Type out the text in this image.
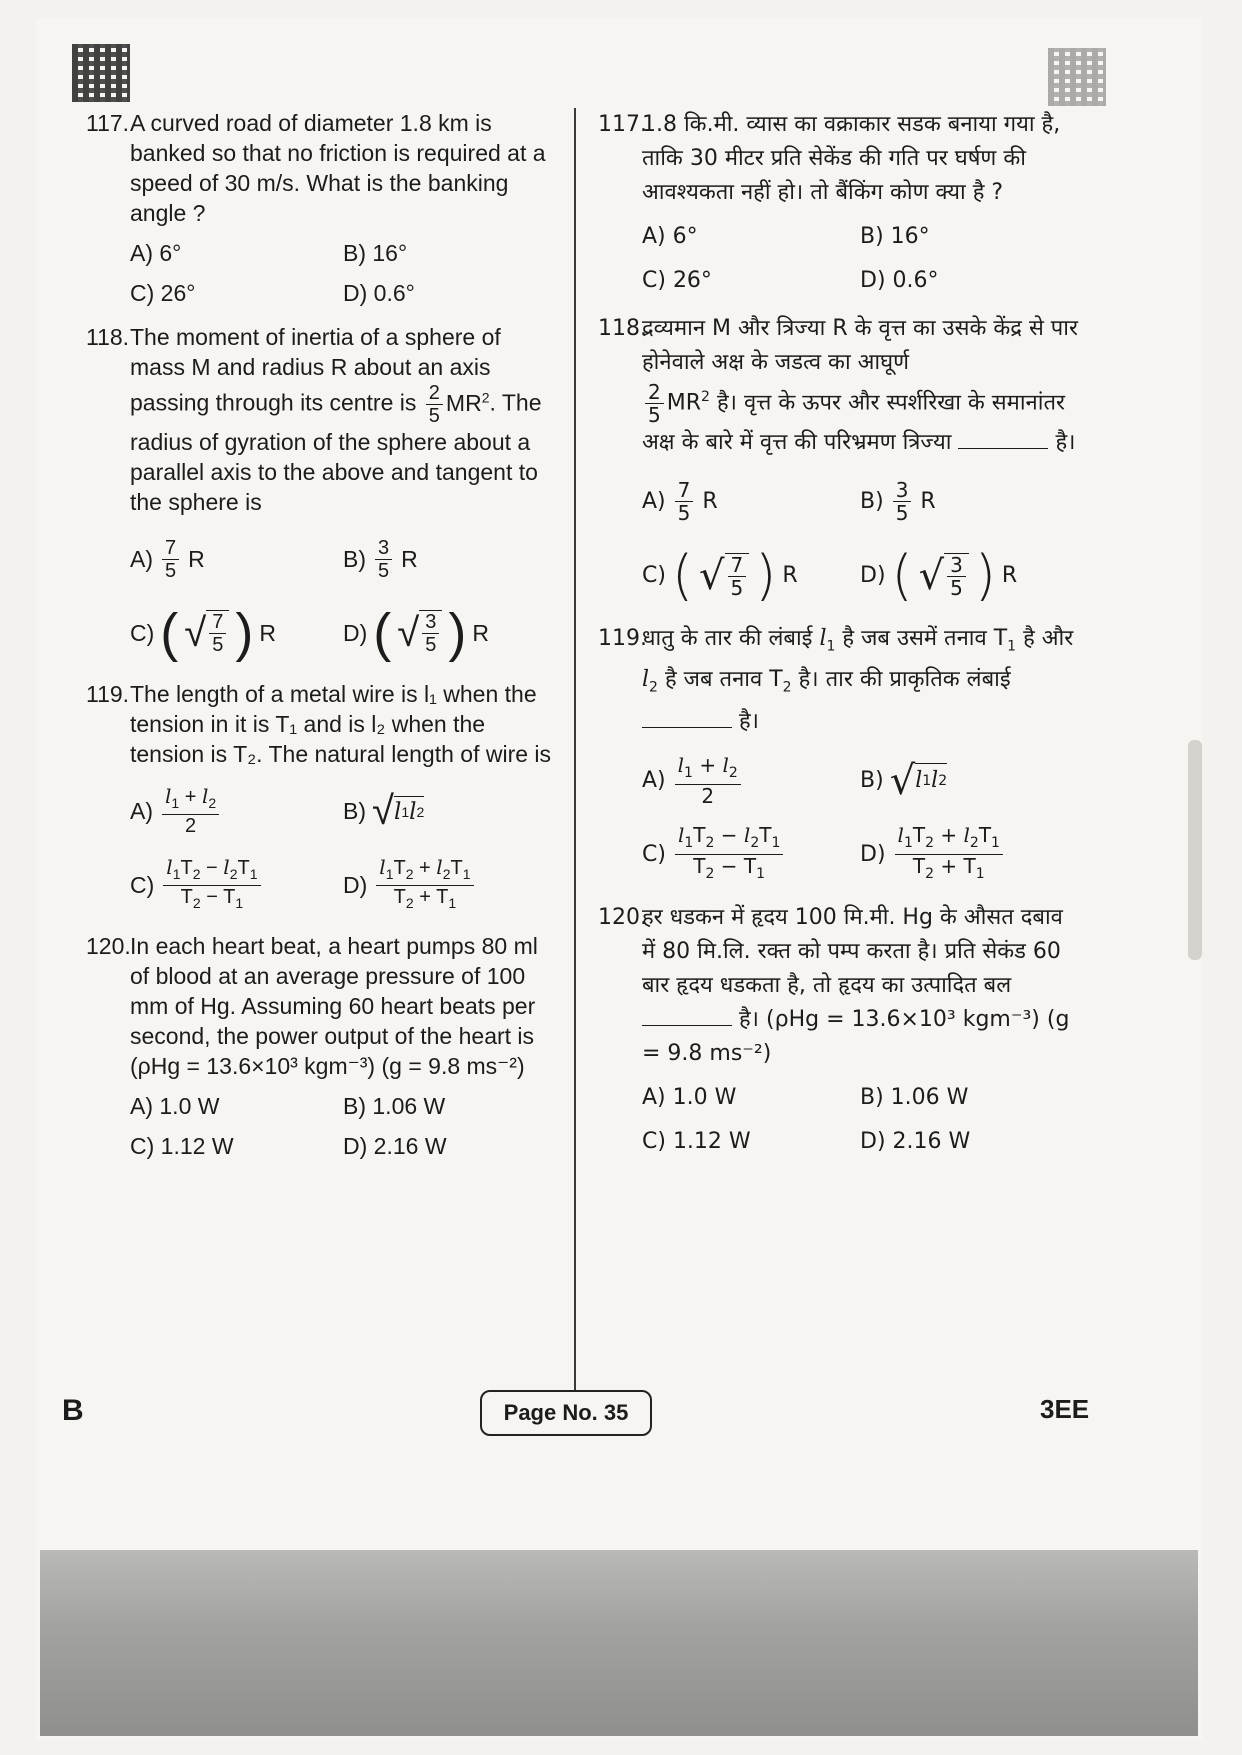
117. A curved road of diameter 1.8 km is banked so that no friction is required at a speed of 30 m/s. What is the banking angle ?
A) 6°	B) 16°
C) 26°	D) 0.6°
118. The moment of inertia of a sphere of mass M and radius R about an axis passing through its centre is $\frac{2}{5} MR^2$. The radius of gyration of the sphere about a parallel axis to the above and tangent to the sphere is
$A) \frac{7}{5}$ R	$B) \frac{3}{5}$ R
C) ( √ $\frac{7}{5}$ ) R	D) ( √ $\frac{3}{5}$ ) R
119. The length of a metal wire is l₁ when the tension in it is T₁ and is l₂ when the tension is T₂. The natural length of wire is
$A) \frac{l_1 + l_2}{2}$	B) √ l 1 l 2
$C) \frac{l_1T_2 - l_2T_1}{T_2 - T_1}$	$D) \frac{l_1T_2 + l_2T_1}{T_2 + T_1}$
120. In each heart beat, a heart pumps 80 ml of blood at an average pressure of 100 mm of Hg. Assuming 60 heart beats per second, the power output of the heart is
(ρHg = 13.6×10³ kgm⁻³) (g = 9.8 ms⁻²)
A) 1.0 W	B) 1.06 W
C) 1.12 W	D) 2.16 W
117.
1.8 कि.मी. व्यास का वक्राकार सडक बनाया गया है, ताकि 30 मीटर प्रति सेकेंड की गति पर घर्षण की आवश्यकता नहीं हो। तो बैंकिंग कोण क्या है ?
A) 6°	B) 16°
C) 26°	D) 0.6°
118.
द्रव्यमान M और त्रिज्या R के वृत्त का उसके केंद्र से पार होनेवाले अक्ष के जडत्व का आघूर्ण

$\frac{2}{5} MR^2$ है। वृत्त के ऊपर और स्पर्शरिखा के समानांतर अक्ष के बारे में वृत्त की परिभ्रमण त्रिज्या	है।
$A) \frac{7}{5}$ R	$B) \frac{3}{5}$ R
C) ( √ $\frac{7}{5}$ ) R	D) ( √ $\frac{3}{5}$ ) R
119.
धातु के तार की लंबाई $l_1$ है जब उसमें तनाव $T_1$ है और $l_2$ है जब तनाव $T_2$ है। तार की प्राकृतिक लंबाई  है।
$A) \frac{l_1 + l_2}{2}$	B) √ l 1 l 2
$C) \frac{l_1T_2 - l_2T_1}{T_2 - T_1}$	$D) \frac{l_1T_2 + l_2T_1}{T_2 + T_1}$
120.
हर धडकन में हृदय 100 मि.मी. Hg के औसत दबाव में 80 मि.लि. रक्त को पम्प करता है। प्रति सेकंड 60 बार हृदय धडकता है, तो हृदय का उत्पादित बल  है। (ρHg = 13.6×10³ kgm⁻³) (g = 9.8 ms⁻²)
A) 1.0 W	B) 1.06 W
C) 1.12 W	D) 2.16 W
B	Page No. 35	3EE
